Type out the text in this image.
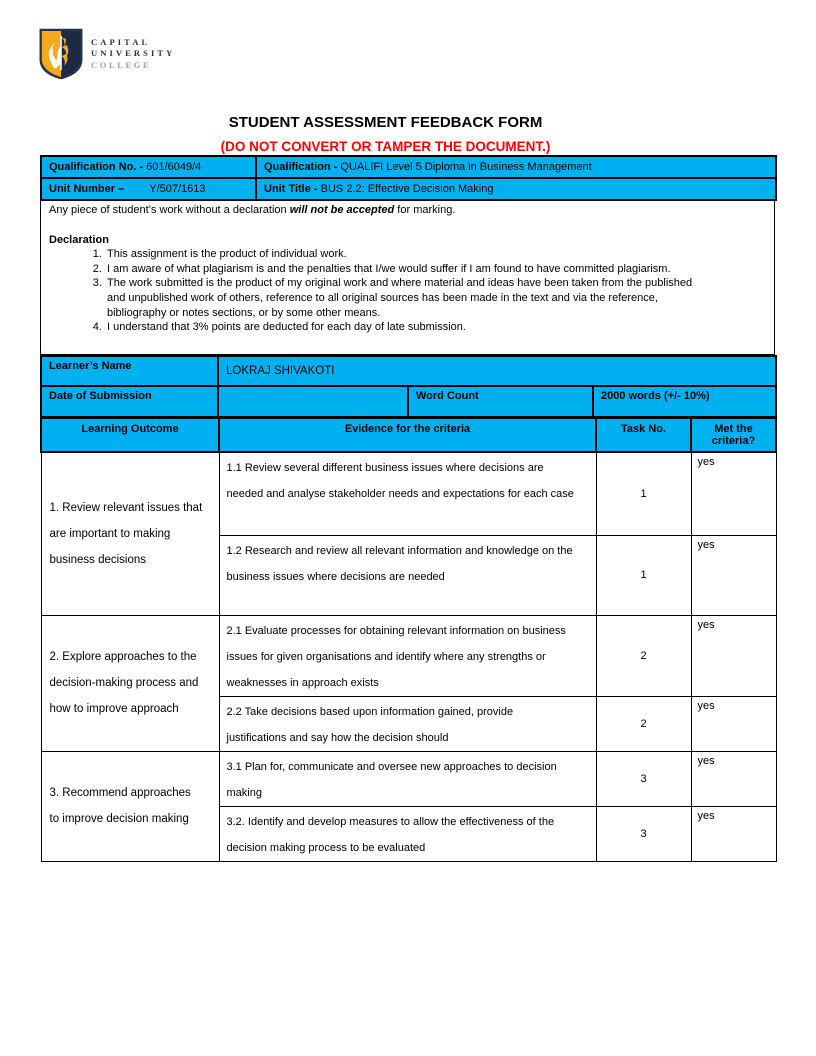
CAPITAL
UNIVERSITY
COLLEGE
STUDENT ASSESSMENT FEEDBACK FORM
(DO NOT CONVERT OR TAMPER THE DOCUMENT.)
Qualification No. - 601/6049/4	Qualification - QUALIFI Level 5 Diploma in Business Management
Unit Number – Y/507/1613	Unit Title - BUS 2.2: Effective Decision Making
Any piece of student’s work without a declaration will not be accepted for marking.
Declaration
1. This assignment is the product of individual work.
2. I am aware of what plagiarism is and the penalties that I/we would suffer if I am found to have committed plagiarism.
3. The work submitted is the product of my original work and where material and ideas have been taken from the published and unpublished work of others, reference to all original sources has been made in the text and via the reference, bibliography or notes sections, or by some other means.
4. I understand that 3% points are deducted for each day of late submission.
Learner’s Name	LOKRAJ SHIVAKOTI		
Date of Submission		Word Count	2000 words (+/- 10%)
Learning Outcome	Evidence for the criteria	Task No.	Met the criteria?
1. Review relevant issues that are important to making business decisions	1.1 Review several different business issues where decisions are needed and analyse stakeholder needs and expectations for each case	1	yes
	1.2 Research and review all relevant information and knowledge on the business issues where decisions are needed	1	yes
2. Explore approaches to the decision-making process and how to improve approach	2.1 Evaluate processes for obtaining relevant information on business issues for given organisations and identify where any strengths or weaknesses in approach exists	2	yes
	2.2 Take decisions based upon information gained, provide justifications and say how the decision should	2	yes
3. Recommend approaches to improve decision making	3.1 Plan for, communicate and oversee new approaches to decision making	3	yes
	3.2. Identify and develop measures to allow the effectiveness of the decision making process to be evaluated	3	yes
